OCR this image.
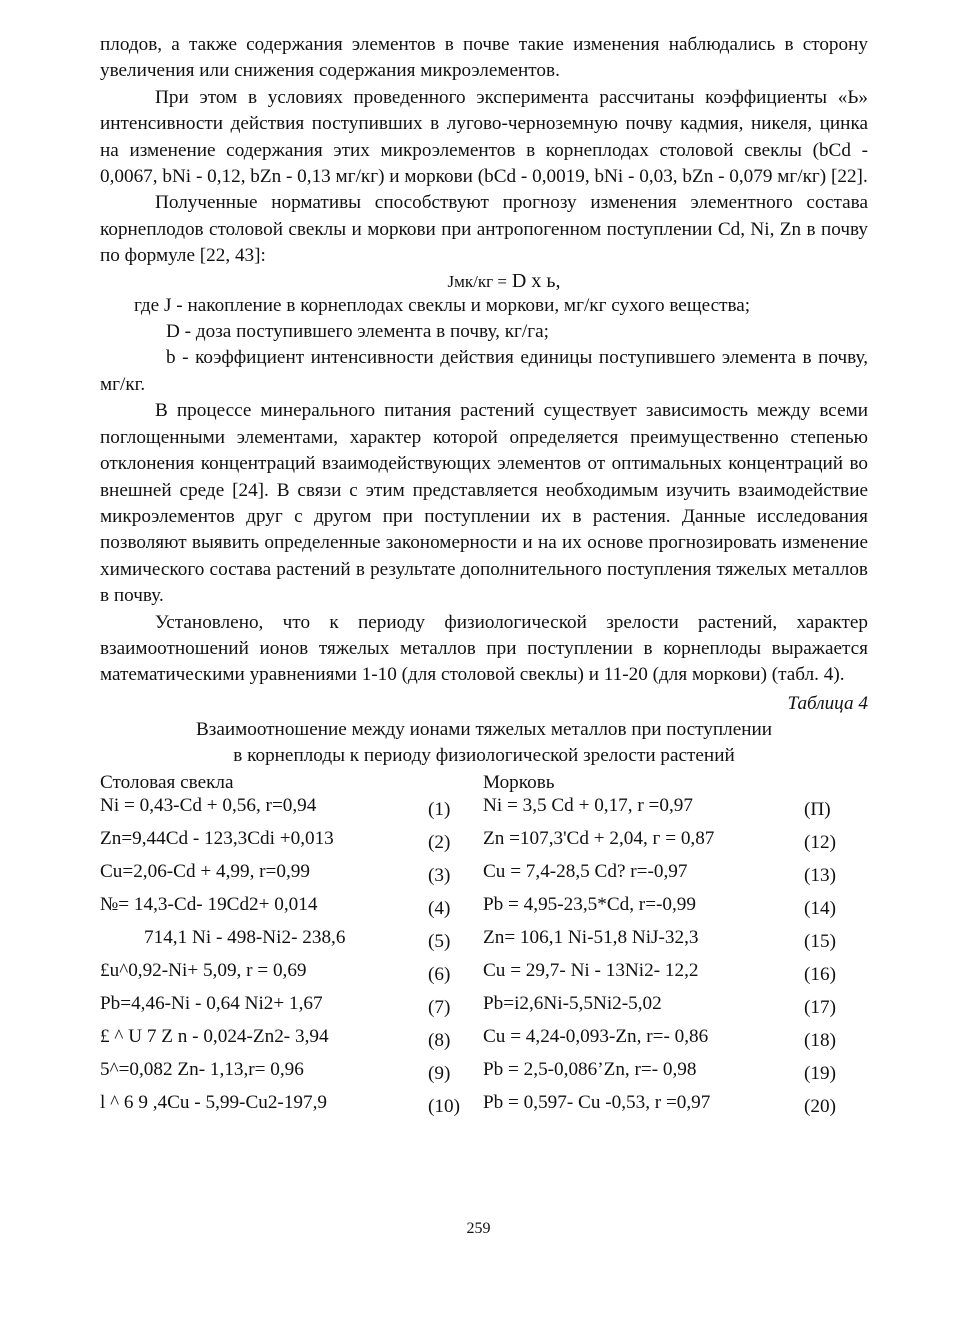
плодов, а также содержания элементов в почве такие изменения наблюдались в сторону увеличения или снижения содержания микроэлементов.

При этом в условиях проведенного эксперимента рассчитаны коэффициенты «Ь» интенсивности действия поступивших в лугово-черноземную почву кадмия, никеля, цинка на изменение содержания этих микроэлементов в корнеплодах столовой свеклы (bCd - 0,0067, bNi - 0,12, bZn - 0,13 мг/кг) и моркови (bCd - 0,0019, bNi - 0,03, bZn - 0,079 мг/кг) [22].

Полученные нормативы способствуют прогнозу изменения элементного состава корнеплодов столовой свеклы и моркови при антропогенном поступлении Cd, Ni, Zn в почву по формуле [22, 43]:

Jмк/кг = D х ь,

где J - накопление в корнеплодах свеклы и моркови, мг/кг сухого вещества;

D - доза поступившего элемента в почву, кг/га;

b - коэффициент интенсивности действия единицы поступившего элемента в почву, мг/кг.

В процессе минерального питания растений существует зависимость между всеми поглощенными элементами, характер которой определяется преимущественно степенью отклонения концентраций взаимодействующих элементов от оптимальных концентраций во внешней среде [24]. В связи с этим представляется необходимым изучить взаимодействие микроэлементов друг с другом при поступлении их в растения. Данные исследования позволяют выявить определенные закономерности и на их основе прогнозировать изменение химического состава растений в результате дополнительного поступления тяжелых металлов в почву.

Установлено, что к периоду физиологической зрелости растений, характер взаимоотношений ионов тяжелых металлов при поступлении в корнеплоды выражается математическими уравнениями 1-10 (для столовой свеклы) и 11-20 (для моркови) (табл. 4).

Таблица 4

Взаимоотношение между ионами тяжелых металлов при поступлении

в корнеплоды к периоду физиологической зрелости растений

Столовая свекла	Морковь
Ni = 0,43-Cd + 0,56, r=0,94	(1) Ni = 3,5 Cd + 0,17, r =0,97	(П)
Zn=9,44Cd - 123,3Cdi +0,013	(2) Zn =107,3'Cd + 2,04, г = 0,87	(12)
Cu=2,06-Cd + 4,99, r=0,99	(3) Cu = 7,4-28,5 Cd? r=-0,97	(13)
№= 14,3-Cd- 19Cd2+ 0,014	(4) Pb = 4,95-23,5*Cd, r=-0,99	(14)
714,1 Ni - 498-Ni2- 238,6	(5) Zn= 106,1 Ni-51,8 NiJ-32,3	(15)
£u^0,92-Ni+ 5,09, r = 0,69	(6) Cu = 29,7- Ni - 13Ni2- 12,2	(16)
Pb=4,46-Ni - 0,64 Ni2+ 1,67	(7) Pb=i2,6Ni-5,5Ni2-5,02	(17)
£ ^ U 7 Z n - 0,024-Zn2- 3,94	(8) Cu = 4,24-0,093-Zn, r=- 0,86	(18)
5^=0,082 Zn- 1,13,r= 0,96	(9) Pb = 2,5-0,086’Zn, r=- 0,98	(19)
l ^ 6 9 ,4Cu - 5,99-Cu2-197,9	(10) Pb = 0,597- Cu -0,53, r =0,97	(20)
259
